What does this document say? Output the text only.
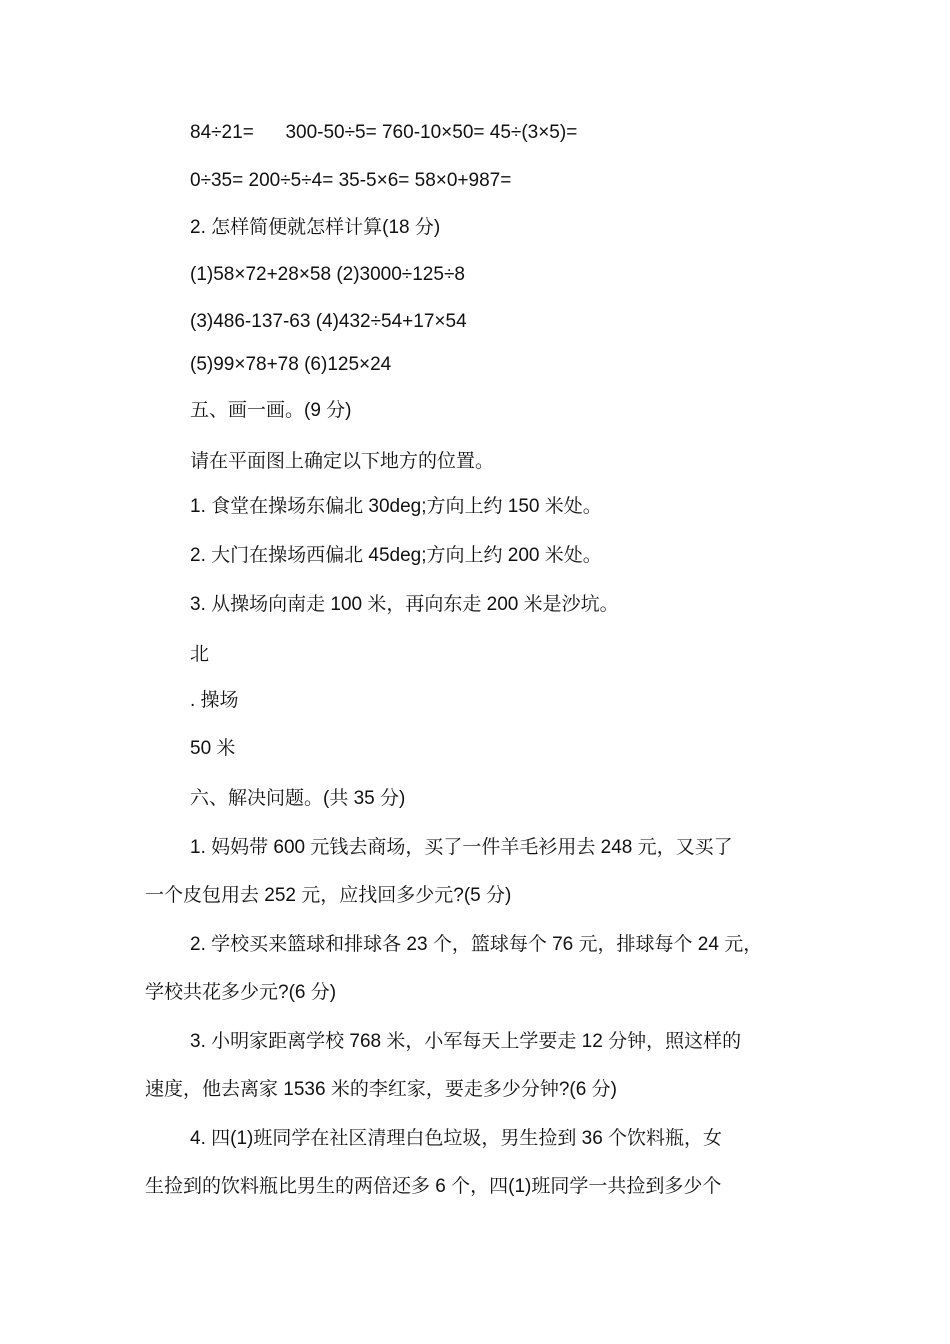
84÷21=      300-50÷5= 760-10×50= 45÷(3×5)=
0÷35= 200÷5÷4= 35-5×6= 58×0+987=
2. 怎样简便就怎样计算(18 分)
(1)58×72+28×58 (2)3000÷125÷8
(3)486-137-63 (4)432÷54+17×54
(5)99×78+78 (6)125×24
五、画一画。(9 分)
请在平面图上确定以下地方的位置。
1. 食堂在操场东偏北 30deg;方向上约 150 米处。
2. 大门在操场西偏北 45deg;方向上约 200 米处。
3. 从操场向南走 100 米，再向东走 200 米是沙坑。
北
. 操场
50 米
六、解决问题。(共 35 分)
1. 妈妈带 600 元钱去商场，买了一件羊毛衫用去 248 元，又买了
一个皮包用去 252 元，应找回多少元?(5 分)
2. 学校买来篮球和排球各 23 个，篮球每个 76 元，排球每个 24 元，
学校共花多少元?(6 分)
3. 小明家距离学校 768 米，小军每天上学要走 12 分钟，照这样的
速度，他去离家 1536 米的李红家，要走多少分钟?(6 分)
4. 四(1)班同学在社区清理白色垃圾，男生捡到 36 个饮料瓶，女
生捡到的饮料瓶比男生的两倍还多 6 个，四(1)班同学一共捡到多少个
